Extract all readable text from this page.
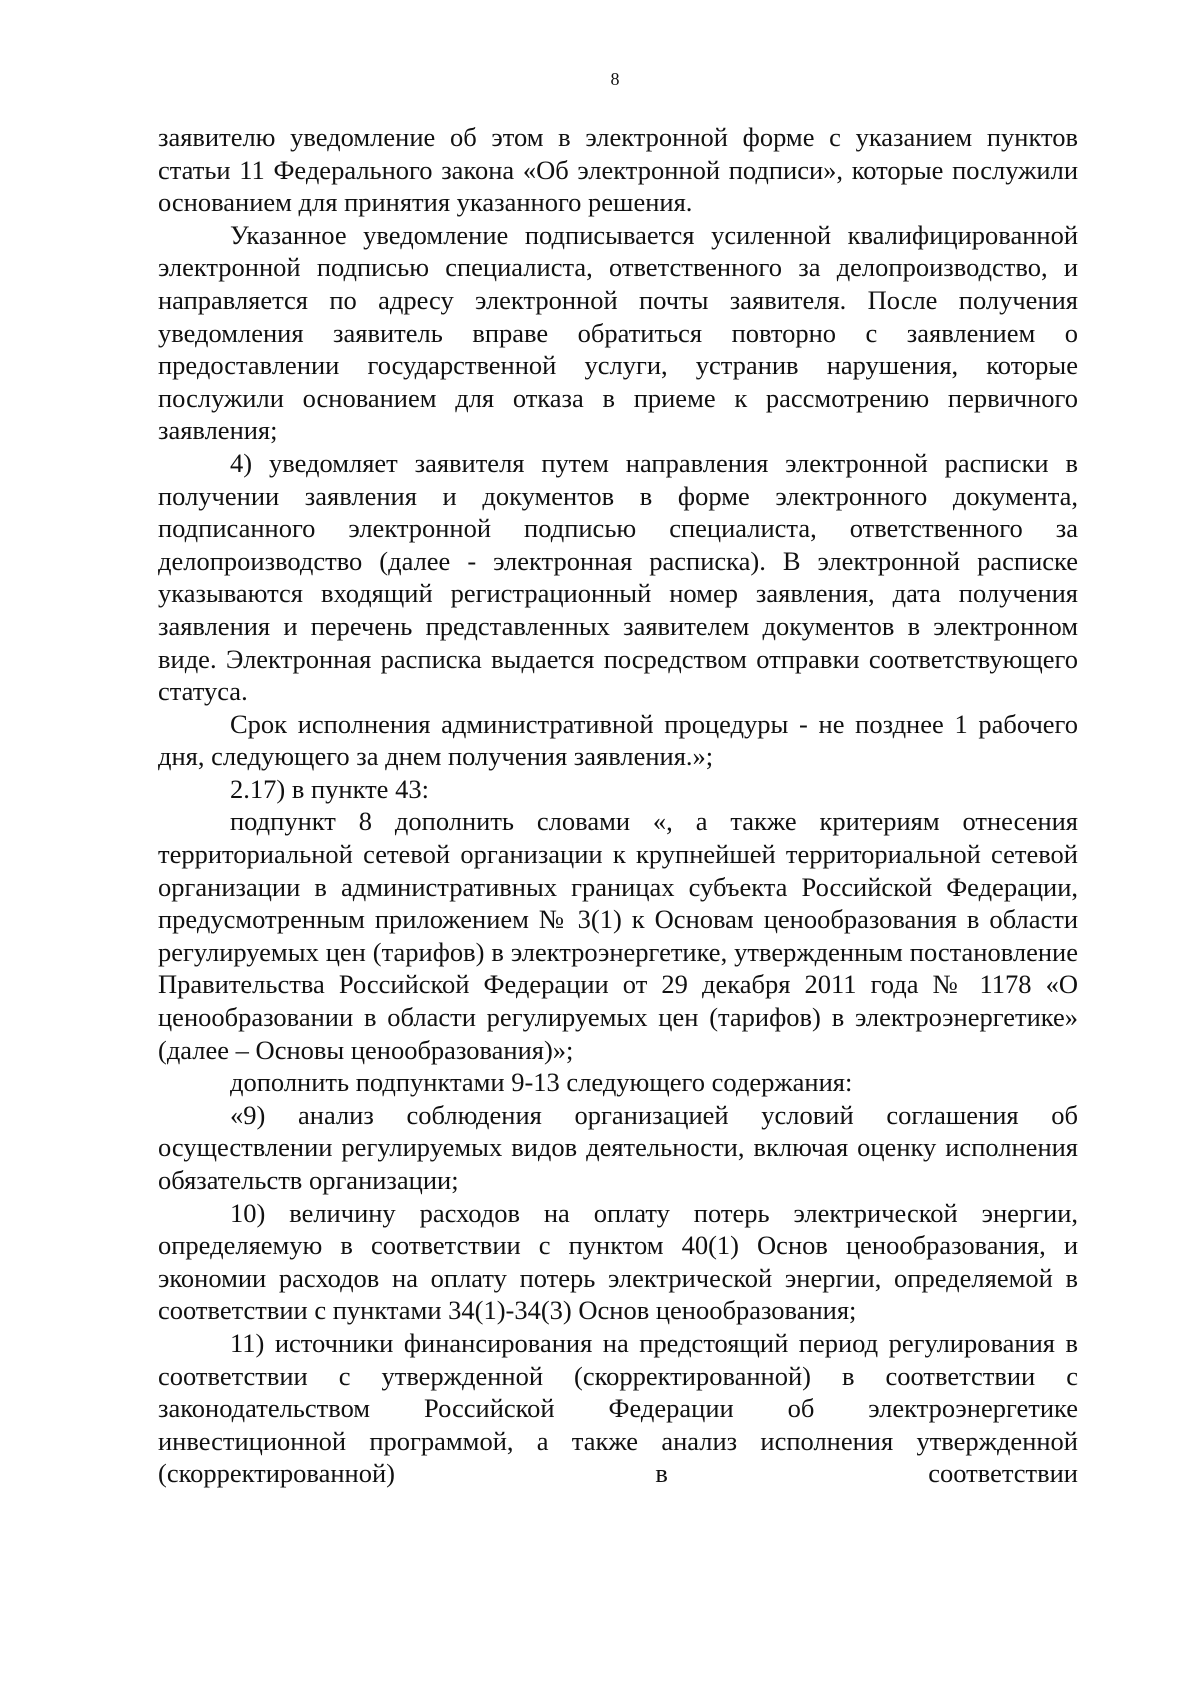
8

заявителю уведомление об этом в электронной форме с указанием пунктов статьи 11 Федерального закона «Об электронной подписи», которые послужили основанием для принятия указанного решения.

Указанное уведомление подписывается усиленной квалифицированной электронной подписью специалиста, ответственного за делопроизводство, и направляется по адресу электронной почты заявителя. После получения уведомления заявитель вправе обратиться повторно с заявлением о предоставлении государственной услуги, устранив нарушения, которые послужили основанием для отказа в приеме к рассмотрению первичного заявления;

4) уведомляет заявителя путем направления электронной расписки в получении заявления и документов в форме электронного документа, подписанного электронной подписью специалиста, ответственного за делопроизводство (далее - электронная расписка). В электронной расписке указываются входящий регистрационный номер заявления, дата получения заявления и перечень представленных заявителем документов в электронном виде. Электронная расписка выдается посредством отправки соответствующего статуса.

Срок исполнения административной процедуры - не позднее 1 рабочего дня, следующего за днем получения заявления.»;

2.17) в пункте 43:

подпункт 8 дополнить словами «, а также критериям отнесения территориальной сетевой организации к крупнейшей территориальной сетевой организации в административных границах субъекта Российской Федерации, предусмотренным приложением № 3(1) к Основам ценообразования в области регулируемых цен (тарифов) в электроэнергетике, утвержденным постановление Правительства Российской Федерации от 29 декабря 2011 года № 1178 «О ценообразовании в области регулируемых цен (тарифов) в электроэнергетике» (далее – Основы ценообразования)»;

дополнить подпунктами 9-13 следующего содержания:

«9) анализ соблюдения организацией условий соглашения об осуществлении регулируемых видов деятельности, включая оценку исполнения обязательств организации;

10) величину расходов на оплату потерь электрической энергии, определяемую в соответствии с пунктом 40(1) Основ ценообразования, и экономии расходов на оплату потерь электрической энергии, определяемой в соответствии с пунктами 34(1)-34(3) Основ ценообразования;

11) источники финансирования на предстоящий период регулирования в соответствии с утвержденной (скорректированной) в соответствии с законодательством Российской Федерации об электроэнергетике инвестиционной программой, а также анализ исполнения утвержденной (скорректированной) в соответствии
